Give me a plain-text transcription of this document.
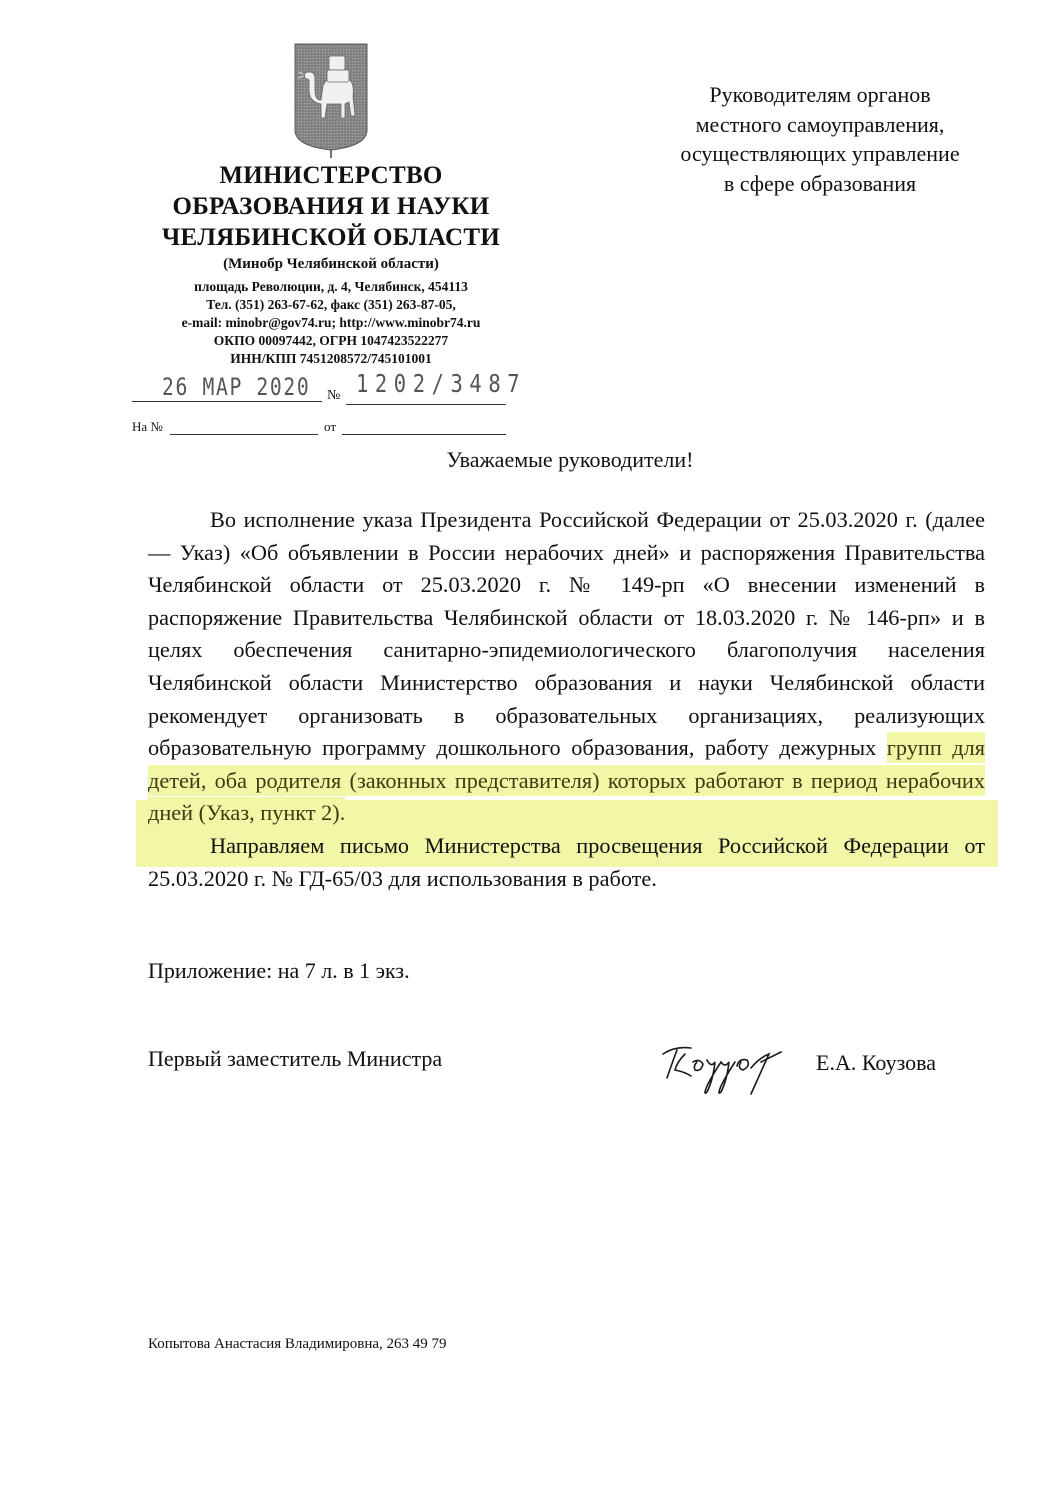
МИНИСТЕРСТВО
ОБРАЗОВАНИЯ И НАУКИ
ЧЕЛЯБИНСКОЙ ОБЛАСТИ
(Минобр Челябинской области)
площадь Революции, д. 4, Челябинск, 454113
Тел. (351) 263-67-62, факс (351) 263-87-05,
e-mail: minobr@gov74.ru; http://www.minobr74.ru
ОКПО 00097442, ОГРН 1047423522277
ИНН/КПП 7451208572/745101001
26 МАР 2020 № 1202/3487
На №	от
Руководителям органов
местного самоуправления,
осуществляющих управление
в сфере образования
Уважаемые руководители!

Во исполнение указа Президента Российской Федерации от 25.03.2020 г. (далее — Указ) «Об объявлении в России нерабочих дней» и распоряжения Правительства Челябинской области от 25.03.2020 г. № 149-рп «О внесении изменений в распоряжение Правительства Челябинской области от 18.03.2020 г. № 146-рп» и в целях обеспечения санитарно-эпидемиологического благополучия населения Челябинской области Министерство образования и науки Челябинской области рекомендует организовать в образовательных организациях, реализующих образовательную программу дошкольного образования, работу дежурных групп для детей, оба родителя (законных представителя) которых работают в период нерабочих дней (Указ, пункт 2).

Направляем письмо Министерства просвещения Российской Федерации от 25.03.2020 г. № ГД-65/03 для использования в работе.

Приложение: на 7 л. в 1 экз.
Первый заместитель Министра	Е.А. Коузова
Копытова Анастасия Владимировна, 263 49 79
